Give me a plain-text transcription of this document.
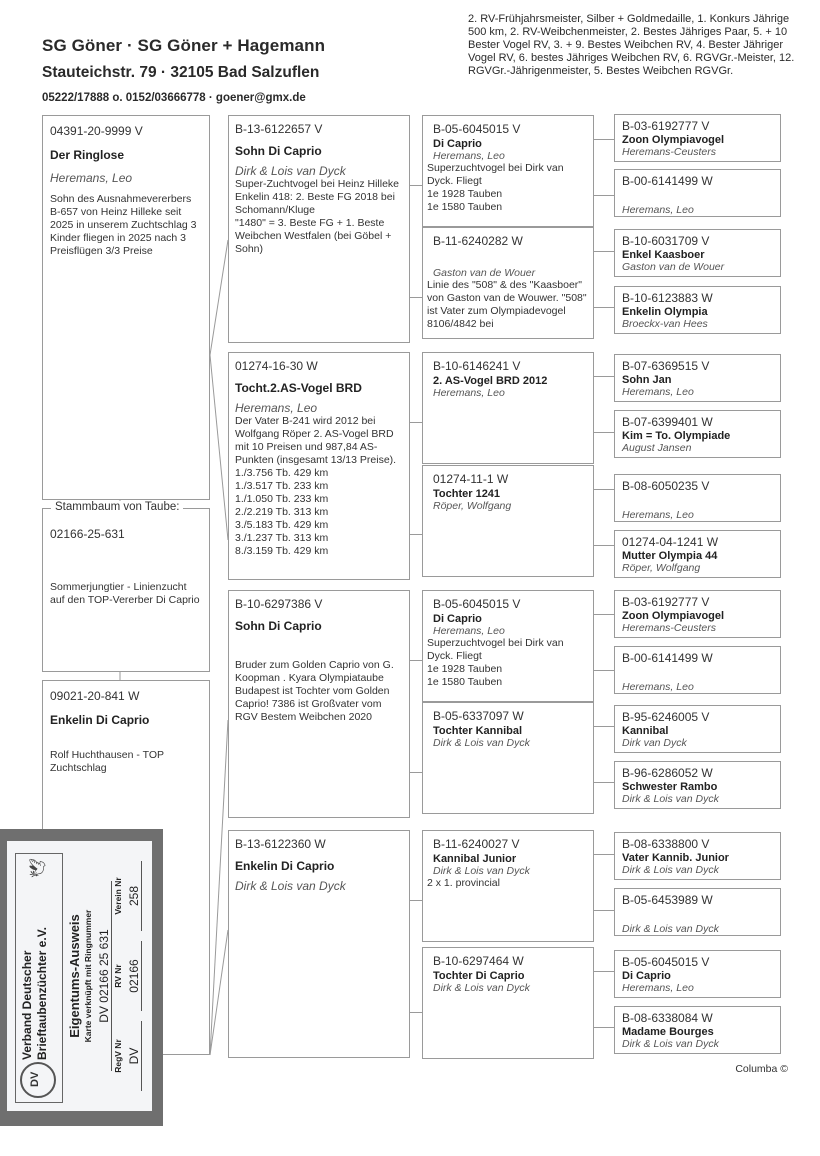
SG Göner · SG Göner + Hagemann
Stauteichstr. 79 · 32105 Bad Salzuflen
05222/17888 o. 0152/03666778 · goener@gmx.de
2. RV-Frühjahrsmeister, Silber + Goldmedaille, 1. Konkurs Jährige 500 km, 2. RV-Weibchenmeister, 2. Bestes Jähriges Paar, 5. + 10 Bester Vogel RV, 3. + 9. Bestes Weibchen RV, 4. Bester Jähriger Vogel RV, 6. bestes Jähriges Weibchen RV, 6. RGVGr.-Meister, 12. RGVGr.-Jährigenmeister, 5. Bestes Weibchen RGVGr.
04391-20-9999 V
Der Ringlose
Heremans, Leo
Sohn des Ausnahmevererbers B-657 von Heinz Hilleke seit 2025 in unserem Zuchtschlag 3 Kinder fliegen in 2025 nach 3 Preisflügen 3/3 Preise
Stammbaum von Taube:
02166-25-631
Sommerjungtier - Linienzucht auf den TOP-Vererber Di Caprio
09021-20-841 W
Enkelin Di Caprio
Rolf Huchthausen - TOP Zuchtschlag
DV
Verband Deutscher Brieftaubenzüchter e.V.
🕊
Eigentums-Ausweis Karte verknüpft mit Ringnummer DV 02166 25 631
RegV Nr DV
RV Nr 02166
Verein Nr 258
B-13-6122657 V
Sohn Di Caprio
Dirk & Lois van Dyck
Super-Zuchtvogel bei Heinz Hilleke
Enkelin 418: 2. Beste FG 2018 bei Schomann/Kluge
"1480" = 3. Beste FG + 1. Beste Weibchen Westfalen (bei Göbel + Sohn)
01274-16-30 W
Tocht.2.AS-Vogel BRD
Heremans, Leo
Der Vater B-241 wird 2012 bei Wolfgang Röper 2. AS-Vogel BRD mit 10 Preisen und 987,84 AS-Punkten (insgesamt 13/13 Preise).
1./3.756 Tb. 429 km
1./3.517 Tb. 233 km
1./1.050 Tb. 233 km
2./2.219 Tb. 313 km
3./5.183 Tb. 429 km
3./1.237 Tb. 313 km
8./3.159 Tb. 429 km
B-10-6297386 V
Sohn Di Caprio
Bruder zum Golden Caprio von G. Koopman . Kyara Olympiataube Budapest ist Tochter vom Golden Caprio! 7386 ist Großvater vom RGV Bestem Weibchen 2020
B-13-6122360 W
Enkelin Di Caprio
Dirk & Lois van Dyck
B-05-6045015 V
Di Caprio
Heremans, Leo
Superzuchtvogel bei Dirk van Dyck. Fliegt
1e 1928 Tauben
1e 1580 Tauben
B-11-6240282 W
Gaston van de Wouer
Linie des "508" & des "Kaasboer" von Gaston van de Wouwer. "508" ist Vater zum Olympiadevogel 8106/4842 bei
B-10-6146241 V
2. AS-Vogel BRD 2012
Heremans, Leo
01274-11-1 W
Tochter 1241
Röper, Wolfgang
B-05-6045015 V
Di Caprio
Heremans, Leo
Superzuchtvogel bei Dirk van Dyck. Fliegt
1e 1928 Tauben
1e 1580 Tauben
B-05-6337097 W
Tochter Kannibal
Dirk & Lois van Dyck
B-11-6240027 V
Kannibal Junior
Dirk & Lois van Dyck
2 x 1. provincial
B-10-6297464 W
Tochter Di Caprio
Dirk & Lois van Dyck
B-03-6192777 V
Zoon Olympiavogel
Heremans-Ceusters
B-00-6141499 W
Heremans, Leo
B-10-6031709 V
Enkel Kaasboer
Gaston van de Wouer
B-10-6123883 W
Enkelin Olympia
Broeckx-van Hees
B-07-6369515 V
Sohn Jan
Heremans, Leo
B-07-6399401 W
Kim = To. Olympiade
August Jansen
B-08-6050235 V
Heremans, Leo
01274-04-1241 W
Mutter Olympia 44
Röper, Wolfgang
B-03-6192777 V
Zoon Olympiavogel
Heremans-Ceusters
B-00-6141499 W
Heremans, Leo
B-95-6246005 V
Kannibal
Dirk van Dyck
B-96-6286052 W
Schwester Rambo
Dirk & Lois van Dyck
B-08-6338800 V
Vater Kannib. Junior
Dirk & Lois van Dyck
B-05-6453989 W
Dirk & Lois van Dyck
B-05-6045015 V
Di Caprio
Heremans, Leo
B-08-6338084 W
Madame Bourges
Dirk & Lois van Dyck
Columba ©
